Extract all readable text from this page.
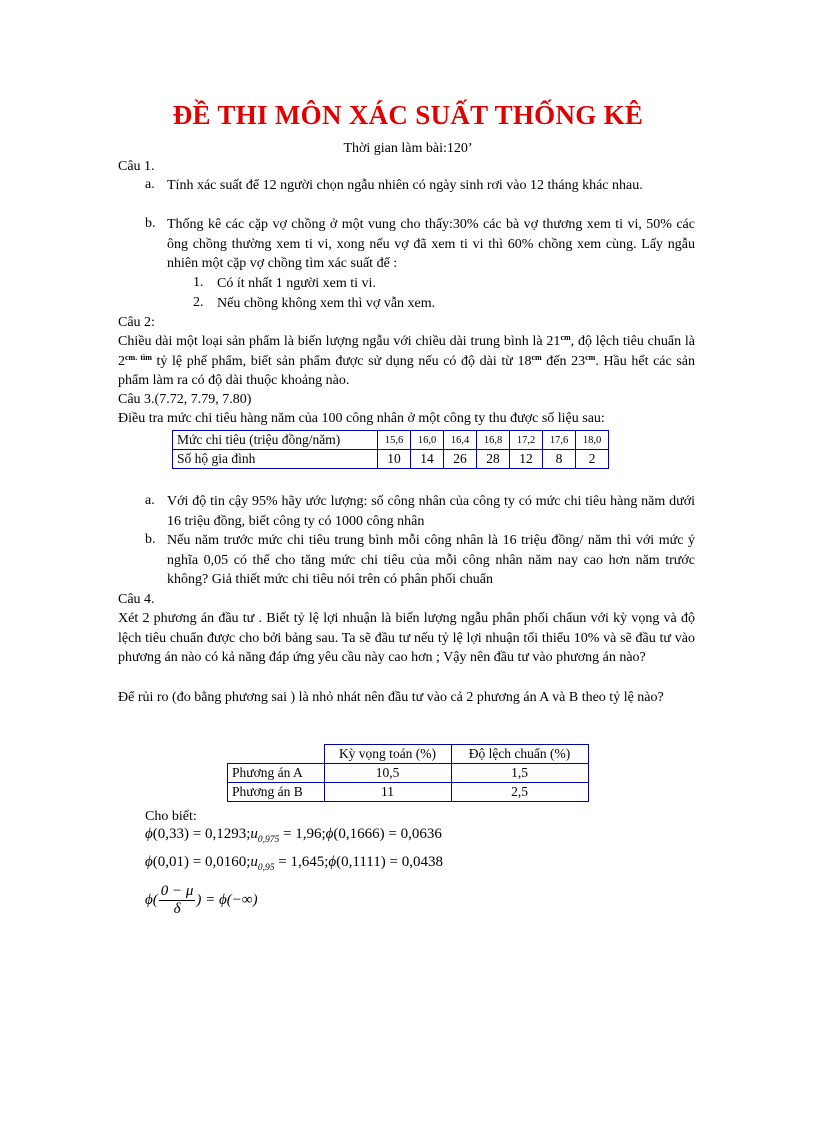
ĐỀ THI MÔN XÁC SUẤT THỐNG KÊ
Thời gian làm bài:120’
Câu 1.
a. Tính xác suất để 12 người chọn ngẫu nhiên có ngày sinh rơi vào 12 tháng khác nhau.
b. Thống kê các cặp vợ chồng ở một vung cho thấy:30% các bà vợ thương xem ti vi, 50% các ông chồng thường xem ti vi, xong nếu vợ đã xem ti vi thì 60% chồng xem cùng. Lấy ngẫu nhiên một cặp vợ chồng tìm xác suất để :
1. Có ít nhất 1 người xem ti vi.
2. Nếu chồng không xem thì vợ vẫn xem.
Câu 2:
Chiều dài một loại sản phẩm là biến lượng ngẫu với chiều dài trung bình là $21^{cm}$, độ lệch tiêu chuẩn là $2^{cm. tìm}$ tỷ lệ phế phẩm, biết sản phẩm được sử dụng nếu có độ dài từ $18^{cm}$ đến $23^{cm}$. Hầu hết các sản phẩm làm ra có độ dài thuộc khoảng nào.
Câu 3.(7.72, 7.79, 7.80)
Điều tra mức chi tiêu hàng năm của 100 công nhân ở một công ty thu được số liệu sau:
Mức chi tiêu (triệu đồng/năm)	15,6	16,0	16,4	16,8	17,2	17,6	18,0
Số hộ gia đình	10	14	26	28	12	8	2
a. Với độ tin cậy 95% hãy ước lượng: số công nhân của công ty có mức chi tiêu hàng năm dưới 16 triệu đồng, biết công ty có 1000 công nhân
b. Nếu năm trước mức chi tiêu trung bình mỗi công nhân là 16 triệu đồng/ năm thì với mức ý nghĩa 0,05 có thể cho tăng mức chi tiêu của mỗi công nhân năm nay cao hơn năm trước không? Giả thiết mức chi tiêu nói trên có phân phối chuẩn
Câu 4.
Xét 2 phương án đầu tư . Biết tỷ lệ lợi nhuận là biến lượng ngẫu phân phối chẩun với kỳ vọng và độ lệch tiêu chuẩn được cho bởi bảng sau. Ta sẽ đầu tư nếu tỷ lệ lợi nhuận tối thiểu 10% và sẽ đầu tư vào phương án nào có kả năng đáp ứng yêu cầu này cao hơn ; Vậy nên đầu tư vào phương án nào?
Để rủi ro (đo bằng phương sai ) là nhỏ nhát nên đầu tư vào cả 2 phương án A và B theo tỷ lệ nào?
	Kỳ vọng toán (%)	Độ lệch chuẩn (%)
Phương án A	10,5	1,5
Phương án B	11	2,5
Cho biết:
$\phi(0,33) = 0,1293;u_{0,975}$ = 1,96;ϕ(0,1666) = 0,0636
$\phi(0,01) = 0,0160;u_{0,95}$ = 1,645;ϕ(0,1111) = 0,0438
$\phi( \frac{0 - \mu}{\delta}$ ) = ϕ(−∞)
